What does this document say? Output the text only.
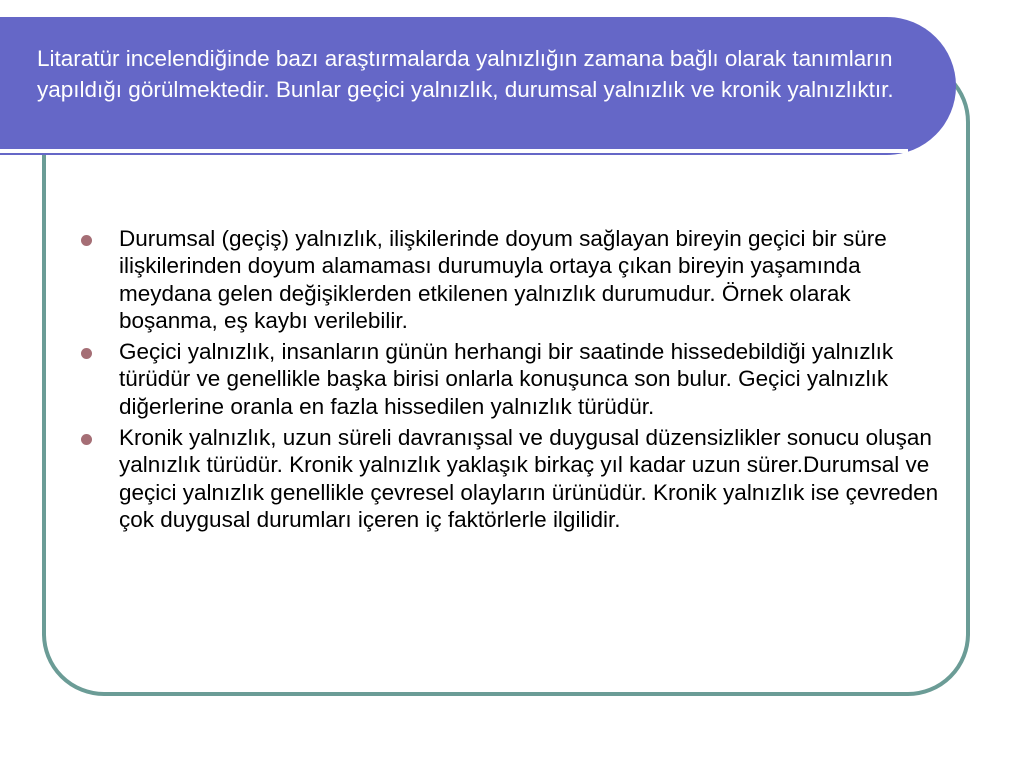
Litaratür incelendiğinde bazı araştırmalarda yalnızlığın zamana bağlı olarak tanımların yapıldığı görülmektedir. Bunlar geçici yalnızlık, durumsal yalnızlık ve kronik yalnızlıktır.
Durumsal (geçiş) yalnızlık, ilişkilerinde doyum sağlayan bireyin geçici bir süre ilişkilerinden doyum alamaması durumuyla ortaya çıkan bireyin yaşamında meydana gelen değişiklerden etkilenen yalnızlık durumudur. Örnek olarak boşanma, eş kaybı verilebilir.
Geçici yalnızlık, insanların günün herhangi bir saatinde hissedebildiği yalnızlık türüdür ve genellikle başka birisi onlarla konuşunca son bulur. Geçici yalnızlık diğerlerine oranla en fazla hissedilen yalnızlık türüdür.
Kronik yalnızlık, uzun süreli davranışsal ve duygusal düzensizlikler sonucu oluşan yalnızlık türüdür. Kronik yalnızlık yaklaşık birkaç yıl kadar uzun sürer.Durumsal ve geçici yalnızlık genellikle çevresel olayların ürünüdür. Kronik yalnızlık ise çevreden çok duygusal durumları içeren iç faktörlerle ilgilidir.
